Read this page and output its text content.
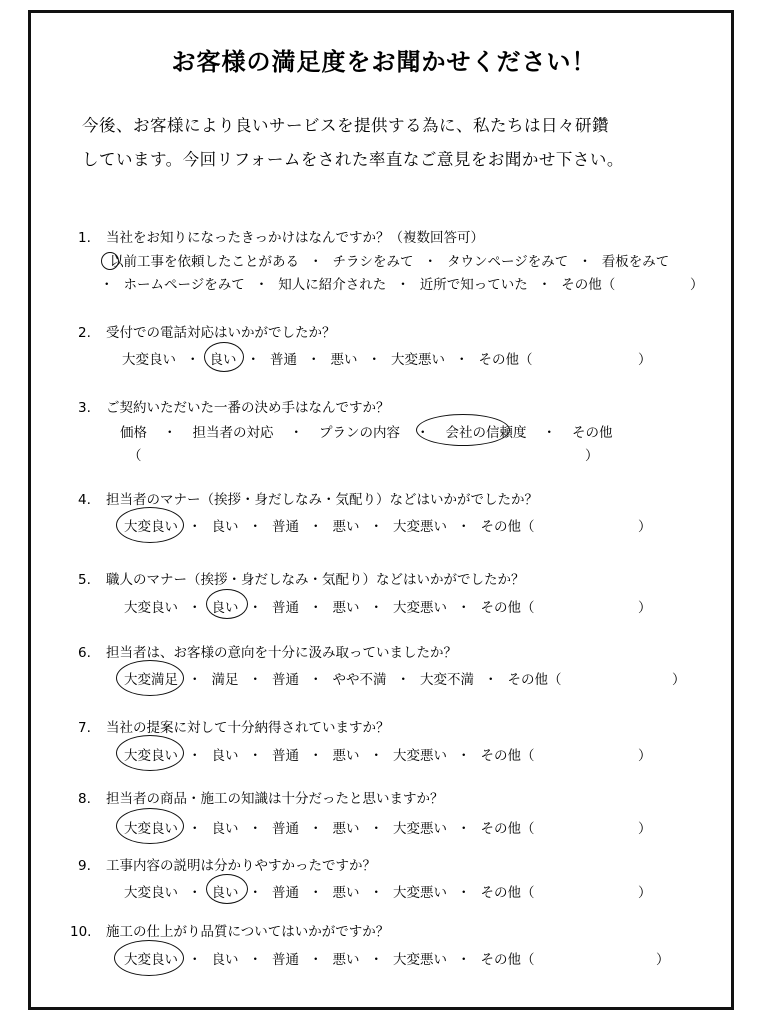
お客様の満足度をお聞かせください！
今後、お客様により良いサービスを提供する為に、私たちは日々研鑽
しています。今回リフォームをされた率直なご意見をお聞かせ下さい。
1. 当社をお知りになったきっかけはなんですか？（複数回答可）
以前工事を依頼したことがある ・ チラシをみて ・ タウンページをみて ・ 看板をみて
・ ホームページをみて ・ 知人に紹介された ・ 近所で知っていた ・ その他（	）
2. 受付での電話対応はいかがでしたか？
大変良い ・ 良い ・ 普通 ・ 悪い ・ 大変悪い ・ その他（	）
3. ご契約いただいた一番の決め手はなんですか？
価格 ・ 担当者の対応 ・ プランの内容 ・ 会社の信頼度 ・ その他
（	）
4. 担当者のマナー（挨拶・身だしなみ・気配り）などはいかがでしたか？
大変良い ・ 良い ・ 普通 ・ 悪い ・ 大変悪い ・ その他（	）
5. 職人のマナー（挨拶・身だしなみ・気配り）などはいかがでしたか？
大変良い ・ 良い ・ 普通 ・ 悪い ・ 大変悪い ・ その他（	）
6. 担当者は、お客様の意向を十分に汲み取っていましたか？
大変満足 ・ 満足 ・ 普通 ・ やや不満 ・ 大変不満 ・ その他（	）
7. 当社の提案に対して十分納得されていますか？
大変良い ・ 良い ・ 普通 ・ 悪い ・ 大変悪い ・ その他（	）
8. 担当者の商品・施工の知識は十分だったと思いますか？
大変良い ・ 良い ・ 普通 ・ 悪い ・ 大変悪い ・ その他（	）
9. 工事内容の説明は分かりやすかったですか？
大変良い ・ 良い ・ 普通 ・ 悪い ・ 大変悪い ・ その他（	）
10. 施工の仕上がり品質についてはいかがですか？
大変良い ・ 良い ・ 普通 ・ 悪い ・ 大変悪い ・ その他（	）
